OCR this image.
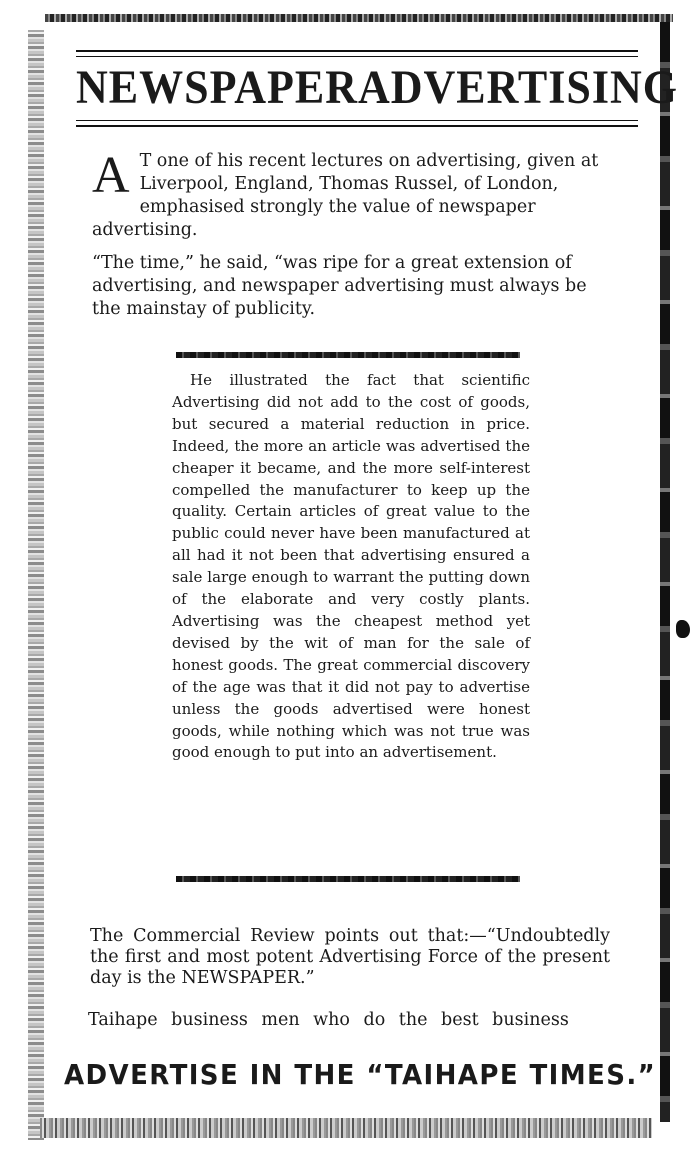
NEWSPAPER ADVERTISING

A T one of his recent lectures on advertising, given at Liverpool, England, Thomas Russel, of London, emphasised strongly the value of newspaper advertising.

“The time,” he said, “was ripe for a great extension of advertising, and newspaper advertising must always be the mainstay of publicity.

He illustrated the fact that scientific Advertising did not add to the cost of goods, but secured a material reduction in price. Indeed, the more an article was advertised the cheaper it became, and the more self-interest compelled the manufacturer to keep up the quality. Certain articles of great value to the public could never have been manufactured at all had it not been that advertising ensured a sale large enough to warrant the putting down of the elaborate and very costly plants. Advertising was the cheapest method yet devised by the wit of man for the sale of honest goods. The great commercial discovery of the age was that it did not pay to advertise unless the goods advertised were honest goods, while nothing which was not true was good enough to put into an advertisement.

The Commercial Review points out that:—“Undoubtedly the first and most potent Advertising Force of the present day is the NEWSPAPER.”

Taihape business men who do the best business

ADVERTISE IN THE “TAIHAPE TIMES.”
